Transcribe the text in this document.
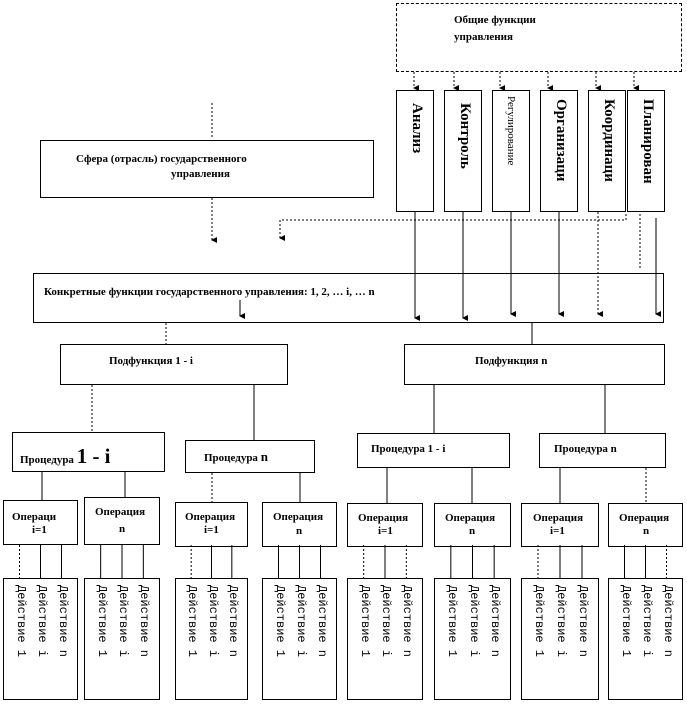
Общие функции
управления
Анализ Контроль	Регулирование Организаци Координаци Планирован
Сфера (отрасль) государственного
управления
Конкретные функции государственного управления: 1, 2, … i, … n
Подфункция 1 - i	Подфункция n
Процедура 1 - i	Процедура n	Процедура 1 - i	Процедура n
Операци
i=1
Операция
n
Операция
i=1
Операция
n
Операция
i=1
Операция
n
Операция
i=1
Операция
n
Действие 1 Действие i Действие n Действие 1 Действие i Действие n	Действие 1 Действие i Действие n	Действие 1 Действие i Действие n Действие 1 Действие i Действие n	Действие 1 Действие i Действие n Действие 1 Действие i Действие n Действие 1 Действие i Действие n
